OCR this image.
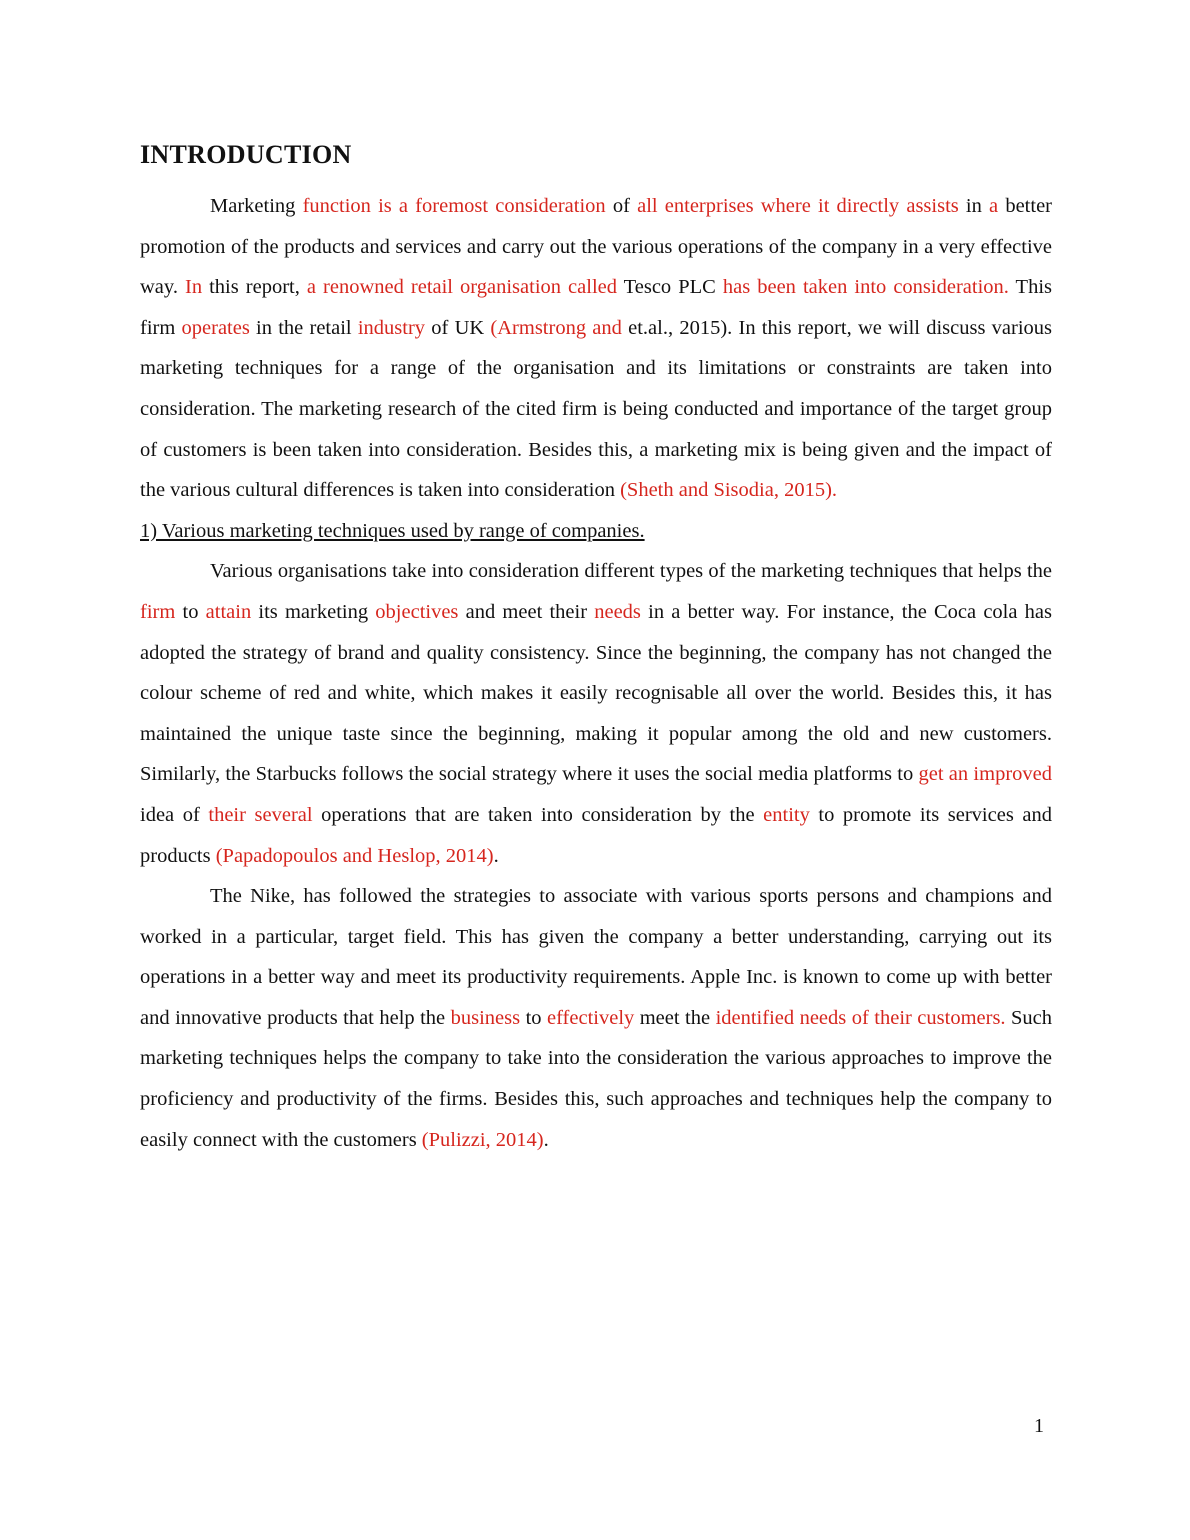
INTRODUCTION

Marketing function is a foremost consideration of all enterprises where it directly assists in a better promotion of the products and services and carry out the various operations of the company in a very effective way. In this report, a renowned retail organisation called Tesco PLC has been taken into consideration. This firm operates in the retail industry of UK (Armstrong and et.al., 2015). In this report, we will discuss various marketing techniques for a range of the organisation and its limitations or constraints are taken into consideration. The marketing research of the cited firm is being conducted and importance of the target group of customers is been taken into consideration. Besides this, a marketing mix is being given and the impact of the various cultural differences is taken into consideration (Sheth and Sisodia, 2015).

1) Various marketing techniques used by range of companies.

Various organisations take into consideration different types of the marketing techniques that helps the firm to attain its marketing objectives and meet their needs in a better way. For instance, the Coca cola has adopted the strategy of brand and quality consistency. Since the beginning, the company has not changed the colour scheme of red and white, which makes it easily recognisable all over the world. Besides this, it has maintained the unique taste since the beginning, making it popular among the old and new customers. Similarly, the Starbucks follows the social strategy where it uses the social media platforms to get an improved idea of their several operations that are taken into consideration by the entity to promote its services and products (Papadopoulos and Heslop, 2014).

The Nike, has followed the strategies to associate with various sports persons and champions and worked in a particular, target field. This has given the company a better understanding, carrying out its operations in a better way and meet its productivity requirements. Apple Inc. is known to come up with better and innovative products that help the business to effectively meet the identified needs of their customers. Such marketing techniques helps the company to take into the consideration the various approaches to improve the proficiency and productivity of the firms. Besides this, such approaches and techniques help the company to easily connect with the customers (Pulizzi, 2014).

1
